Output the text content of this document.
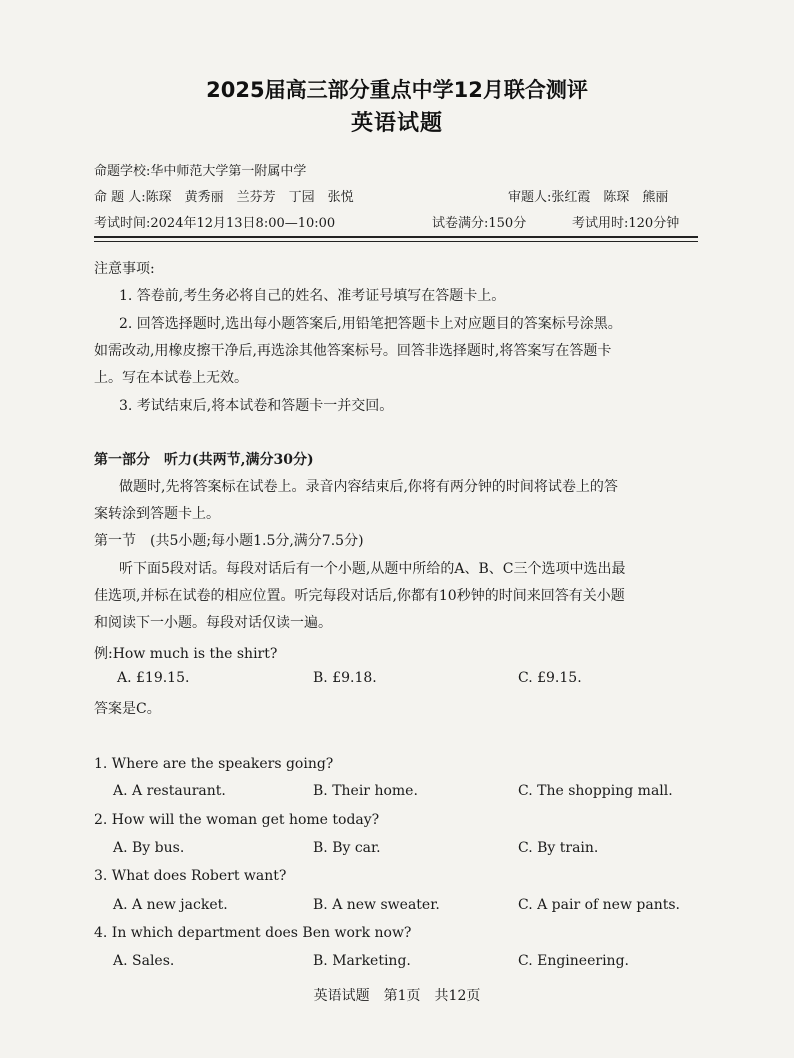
2025届高三部分重点中学12月联合测评
英语试题
命题学校:华中师范大学第一附属中学
命 题 人:陈琛　黄秀丽　兰芬芳　丁园　张悦	审题人:张红霞　陈琛　熊丽
考试时间:2024年12月13日8:00—10:00	试卷满分:150分	考试用时:120分钟
注意事项:
1. 答卷前,考生务必将自己的姓名、准考证号填写在答题卡上。
2. 回答选择题时,选出每小题答案后,用铅笔把答题卡上对应题目的答案标号涂黑。
如需改动,用橡皮擦干净后,再选涂其他答案标号。回答非选择题时,将答案写在答题卡
上。写在本试卷上无效。
3. 考试结束后,将本试卷和答题卡一并交回。
第一部分　听力(共两节,满分30分)
做题时,先将答案标在试卷上。录音内容结束后,你将有两分钟的时间将试卷上的答
案转涂到答题卡上。
第一节　(共5小题;每小题1.5分,满分7.5分)
听下面5段对话。每段对话后有一个小题,从题中所给的A、B、C三个选项中选出最
佳选项,并标在试卷的相应位置。听完每段对话后,你都有10秒钟的时间来回答有关小题
和阅读下一小题。每段对话仅读一遍。
例:How much is the shirt?
A. £19.15.	B. £9.18.	C. £9.15.
答案是C。
1. Where are the speakers going?
A. A restaurant.	B. Their home.	C. The shopping mall.
2. How will the woman get home today?
A. By bus.	B. By car.	C. By train.
3. What does Robert want?
A. A new jacket.	B. A new sweater.	C. A pair of new pants.
4. In which department does Ben work now?
A. Sales.	B. Marketing.	C. Engineering.
英语试题　第1页　共12页
